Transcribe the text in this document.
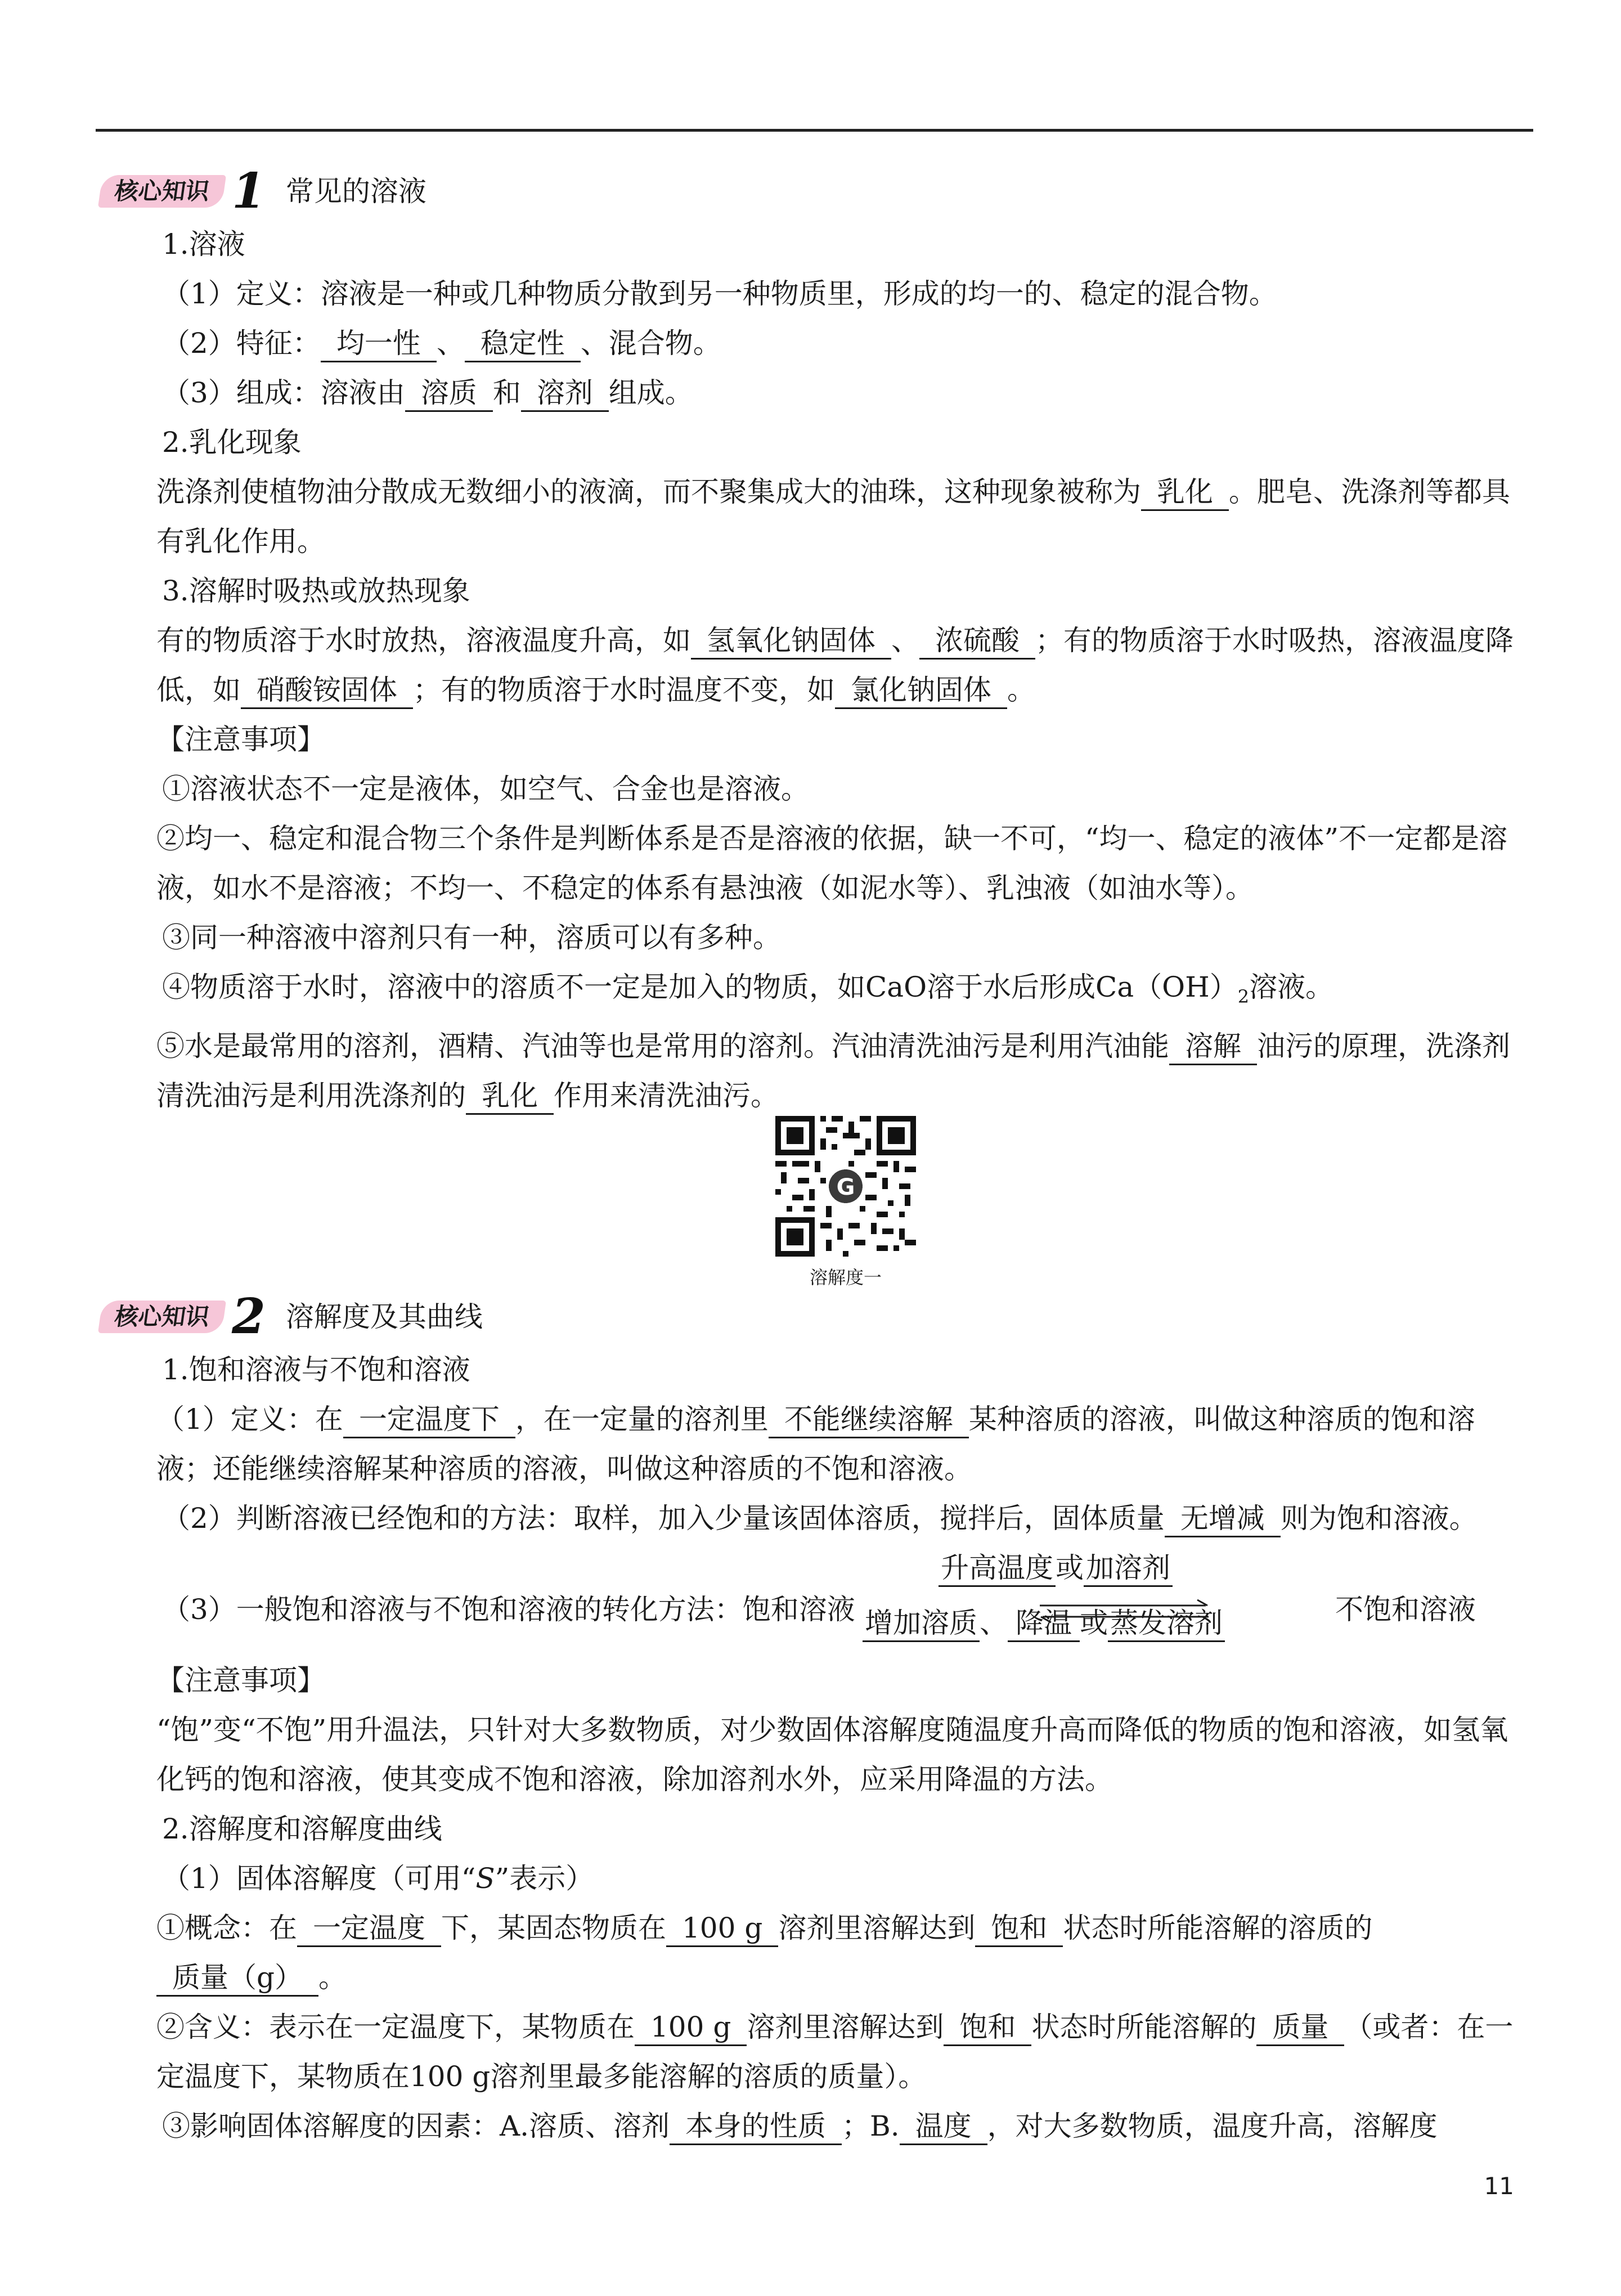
核心知识 1 常见的溶液
1.溶液
（1）定义：溶液是一种或几种物质分散到另一种物质里，形成的均一的、稳定的混合物。
（2）特征： 均一性 、 稳定性 、混合物。
（3）组成：溶液由 溶质 和 溶剂 组成。
2.乳化现象
洗涤剂使植物油分散成无数细小的液滴，而不聚集成大的油珠，这种现象被称为 乳化 。肥皂、洗涤剂等都具有乳化作用。
3.溶解时吸热或放热现象
有的物质溶于水时放热，溶液温度升高，如 氢氧化钠固体 、 浓硫酸 ；有的物质溶于水时吸热，溶液温度降低，如 硝酸铵固体 ；有的物质溶于水时温度不变，如 氯化钠固体 。
【注意事项】
①溶液状态不一定是液体，如空气、合金也是溶液。
②均一、稳定和混合物三个条件是判断体系是否是溶液的依据，缺一不可，“均一、稳定的液体”不一定都是溶液，如水不是溶液；不均一、不稳定的体系有悬浊液（如泥水等）、乳浊液（如油水等）。
③同一种溶液中溶剂只有一种，溶质可以有多种。
④物质溶于水时，溶液中的溶质不一定是加入的物质，如CaO溶于水后形成$Ca(OH)_2$溶液。
⑤水是最常用的溶剂，酒精、汽油等也是常用的溶剂。汽油清洗油污是利用汽油能 溶解 油污的原理，洗涤剂清洗油污是利用洗涤剂的 乳化 作用来清洗油污。
G
溶解度一
核心知识 2 溶解度及其曲线
1.饱和溶液与不饱和溶液
（1）定义：在 一定温度下 ，在一定量的溶剂里 不能继续溶解 某种溶质的溶液，叫做这种溶质的饱和溶液；还能继续溶解某种溶质的溶液，叫做这种溶质的不饱和溶液。
（2）判断溶液已经饱和的方法：取样，加入少量该固体溶质，搅拌后，固体质量 无增减 则为饱和溶液。
（3）一般饱和溶液与不饱和溶液的转化方法：饱和溶液
升高温度或加溶剂
增加溶质、 降温 或蒸发溶剂	不饱和溶液
【注意事项】
“饱”变“不饱”用升温法，只针对大多数物质，对少数固体溶解度随温度升高而降低的物质的饱和溶液，如氢氧化钙的饱和溶液，使其变成不饱和溶液，除加溶剂水外，应采用降温的方法。
2.溶解度和溶解度曲线
（1）固体溶解度（可用“S”表示）
①概念：在 一定温度 下，某固态物质在 100 g 溶剂里溶解达到 饱和 状态时所能溶解的溶质的质量（g） 。
②含义：表示在一定温度下，某物质在 100 g 溶剂里溶解达到 饱和 状态时所能溶解的 质量 （或者：在一定温度下，某物质在100 g溶剂里最多能溶解的溶质的质量）。
③影响固体溶解度的因素：A.溶质、溶剂 本身的性质 ；B. 温度 ，对大多数物质，温度升高，溶解度
11
